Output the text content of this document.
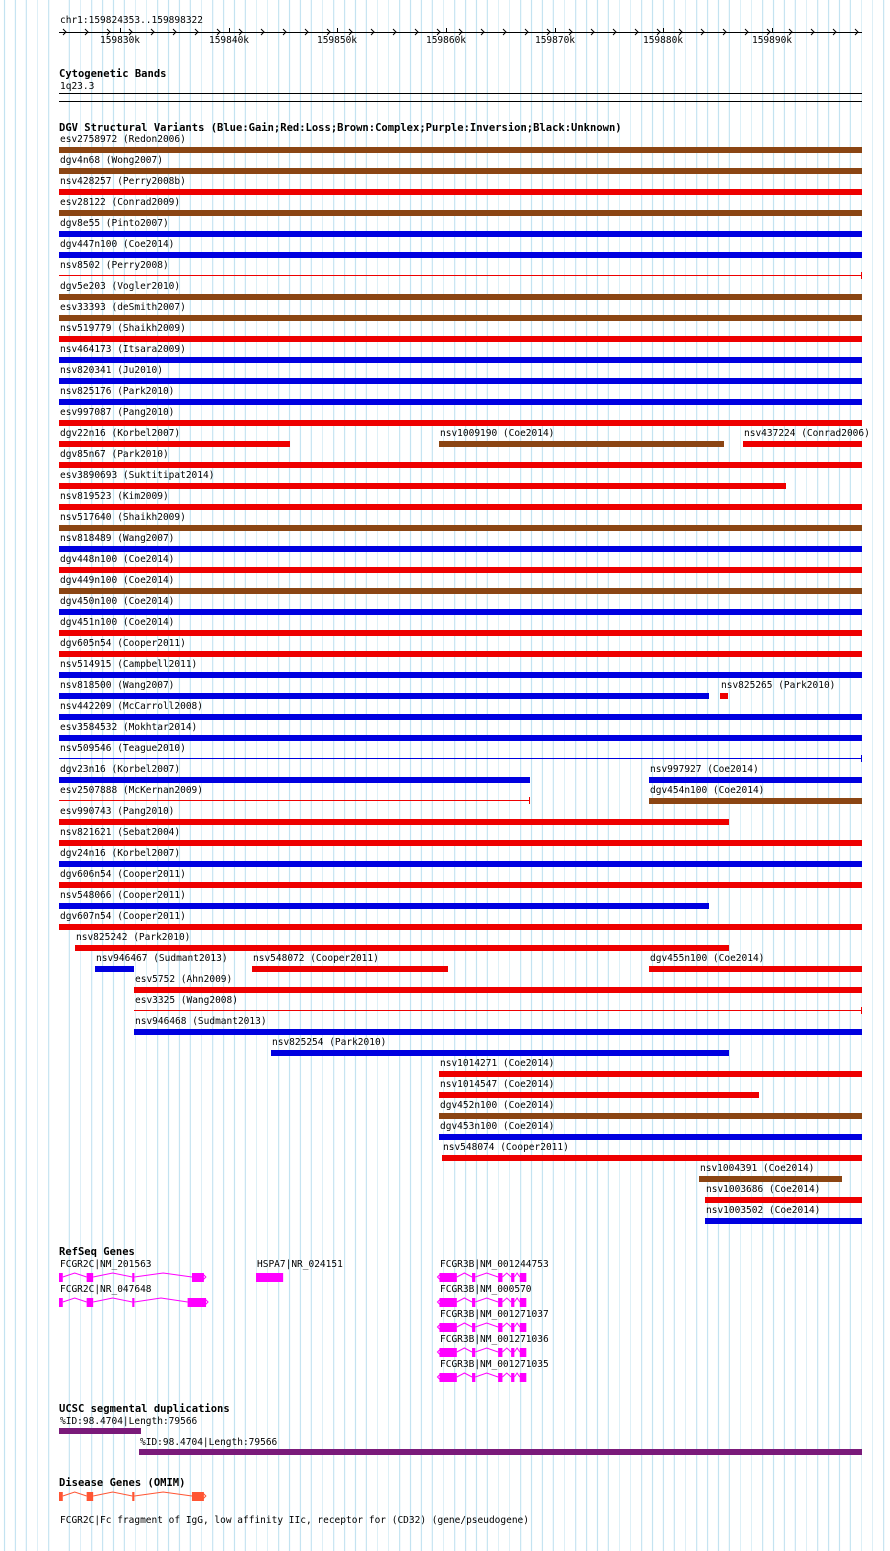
chr1:159824353..159898322
159830k	159840k	159850k	159860k	159870k	159880k	159890k
Cytogenetic Bands
1q23.3
DGV Structural Variants (Blue:Gain;Red:Loss;Brown:Complex;Purple:Inversion;Black:Unknown)
esv2758972 (Redon2006)
dgv4n68 (Wong2007)
nsv428257 (Perry2008b)
esv28122 (Conrad2009)
dgv8e55 (Pinto2007)
dgv447n100 (Coe2014)
nsv8502 (Perry2008)
dgv5e203 (Vogler2010)
esv33393 (deSmith2007)
nsv519779 (Shaikh2009)
nsv464173 (Itsara2009)
nsv820341 (Ju2010)
nsv825176 (Park2010)
esv997087 (Pang2010)
dgv22n16 (Korbel2007)	nsv1009190 (Coe2014)	nsv437224 (Conrad2006)
dgv85n67 (Park2010)
esv3890693 (Suktitipat2014)
nsv819523 (Kim2009)
nsv517640 (Shaikh2009)
nsv818489 (Wang2007)
dgv448n100 (Coe2014)
dgv449n100 (Coe2014)
dgv450n100 (Coe2014)
dgv451n100 (Coe2014)
dgv605n54 (Cooper2011)
nsv514915 (Campbell2011)
nsv818500 (Wang2007)	nsv825265 (Park2010)
nsv442209 (McCarroll2008)
esv3584532 (Mokhtar2014)
nsv509546 (Teague2010)
dgv23n16 (Korbel2007)	nsv997927 (Coe2014)
esv2507888 (McKernan2009)	dgv454n100 (Coe2014)
esv990743 (Pang2010)
nsv821621 (Sebat2004)
dgv24n16 (Korbel2007)
dgv606n54 (Cooper2011)
nsv548066 (Cooper2011)
dgv607n54 (Cooper2011)
nsv825242 (Park2010)
nsv946467 (Sudmant2013)	nsv548072 (Cooper2011)	dgv455n100 (Coe2014)
esv5752 (Ahn2009)
esv3325 (Wang2008)
nsv946468 (Sudmant2013)
nsv825254 (Park2010)
nsv1014271 (Coe2014)
nsv1014547 (Coe2014)
dgv452n100 (Coe2014)
dgv453n100 (Coe2014)
nsv548074 (Cooper2011)
nsv1004391 (Coe2014)
nsv1003686 (Coe2014)
nsv1003502 (Coe2014)
RefSeq Genes
FCGR2C|NM_201563
FCGR2C|NR_047648
HSPA7|NR_024151	FCGR3B|NM_001244753
FCGR3B|NM_000570
FCGR3B|NM_001271037
FCGR3B|NM_001271036
FCGR3B|NM_001271035
UCSC segmental duplications
%ID:98.4704|Length:79566
%ID:98.4704|Length:79566
Disease Genes (OMIM)
FCGR2C|Fc fragment of IgG, low affinity IIc, receptor for (CD32) (gene/pseudogene)
